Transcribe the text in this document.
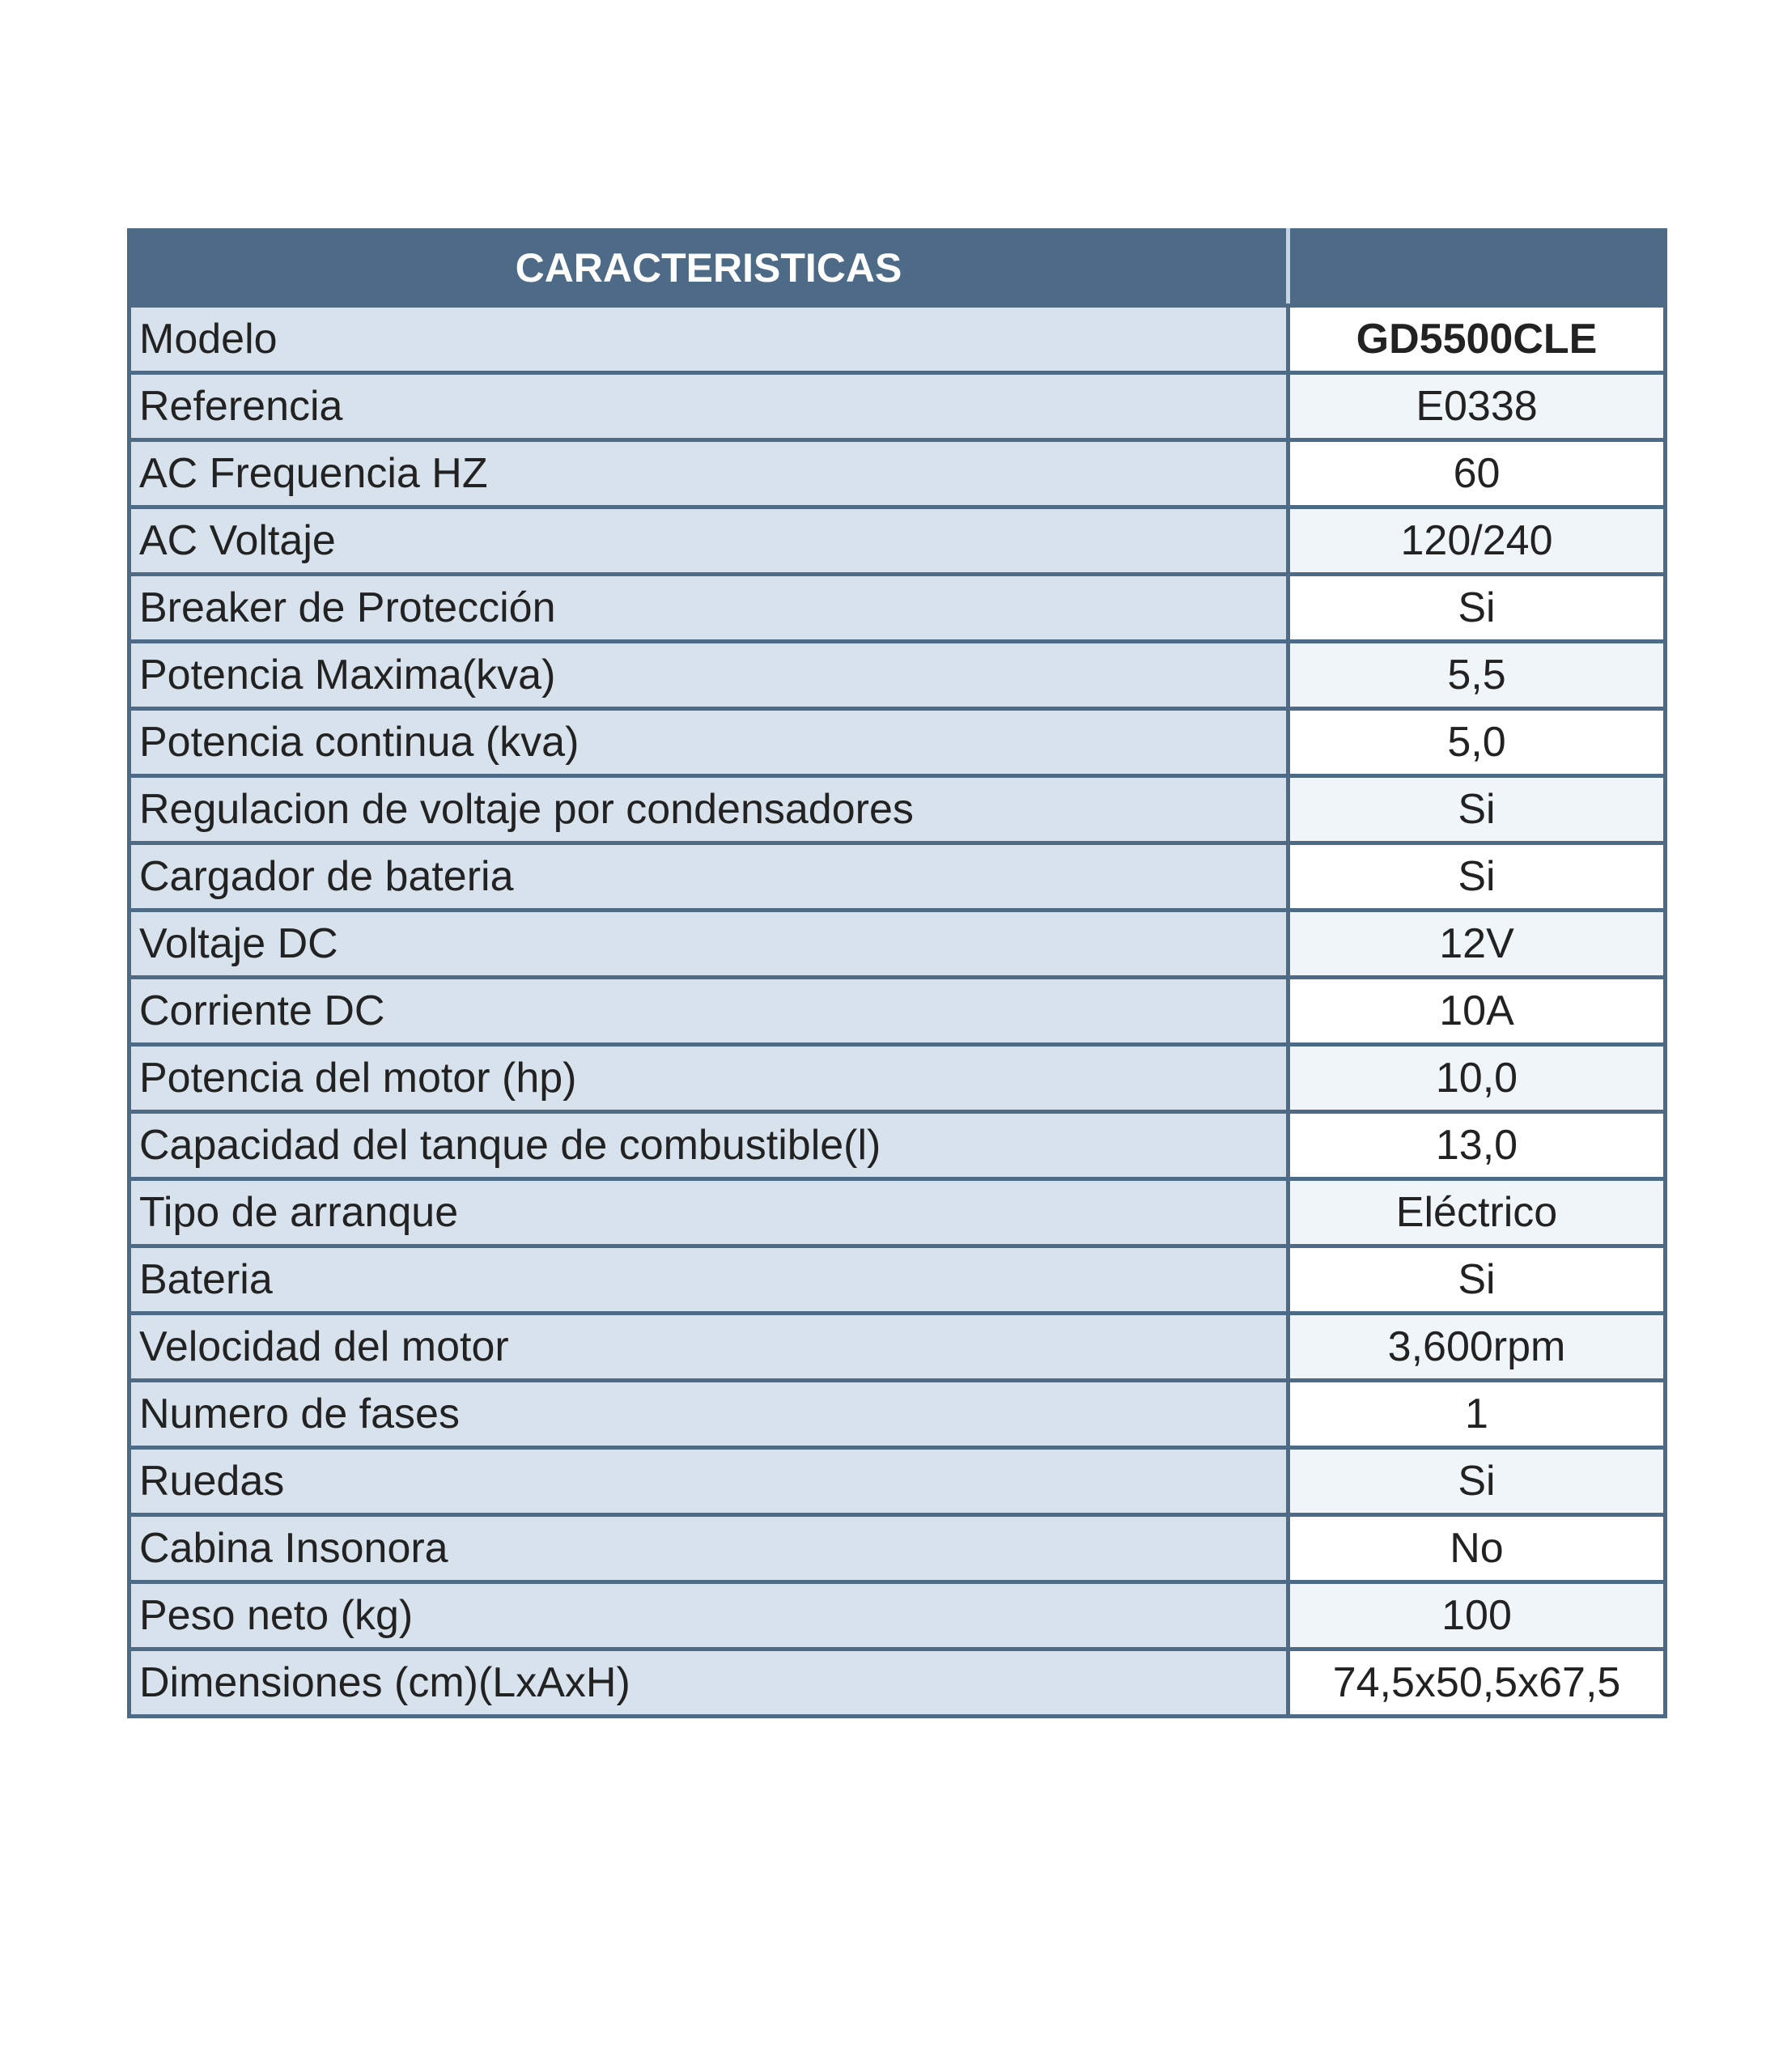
CARACTERISTICAS	
Modelo	GD5500CLE
Referencia	E0338
AC Frequencia HZ	60
AC Voltaje	120/240
Breaker de Protección	Si
Potencia Maxima(kva)	5,5
Potencia continua (kva)	5,0
Regulacion de voltaje por condensadores	Si
Cargador de bateria	Si
Voltaje DC	12V
Corriente DC	10A
Potencia del motor (hp)	10,0
Capacidad del tanque de combustible(l)	13,0
Tipo de arranque	Eléctrico
Bateria	Si
Velocidad del motor	3,600rpm
Numero de fases	1
Ruedas	Si
Cabina Insonora	No
Peso neto (kg)	100
Dimensiones (cm)(LxAxH)	74,5x50,5x67,5
